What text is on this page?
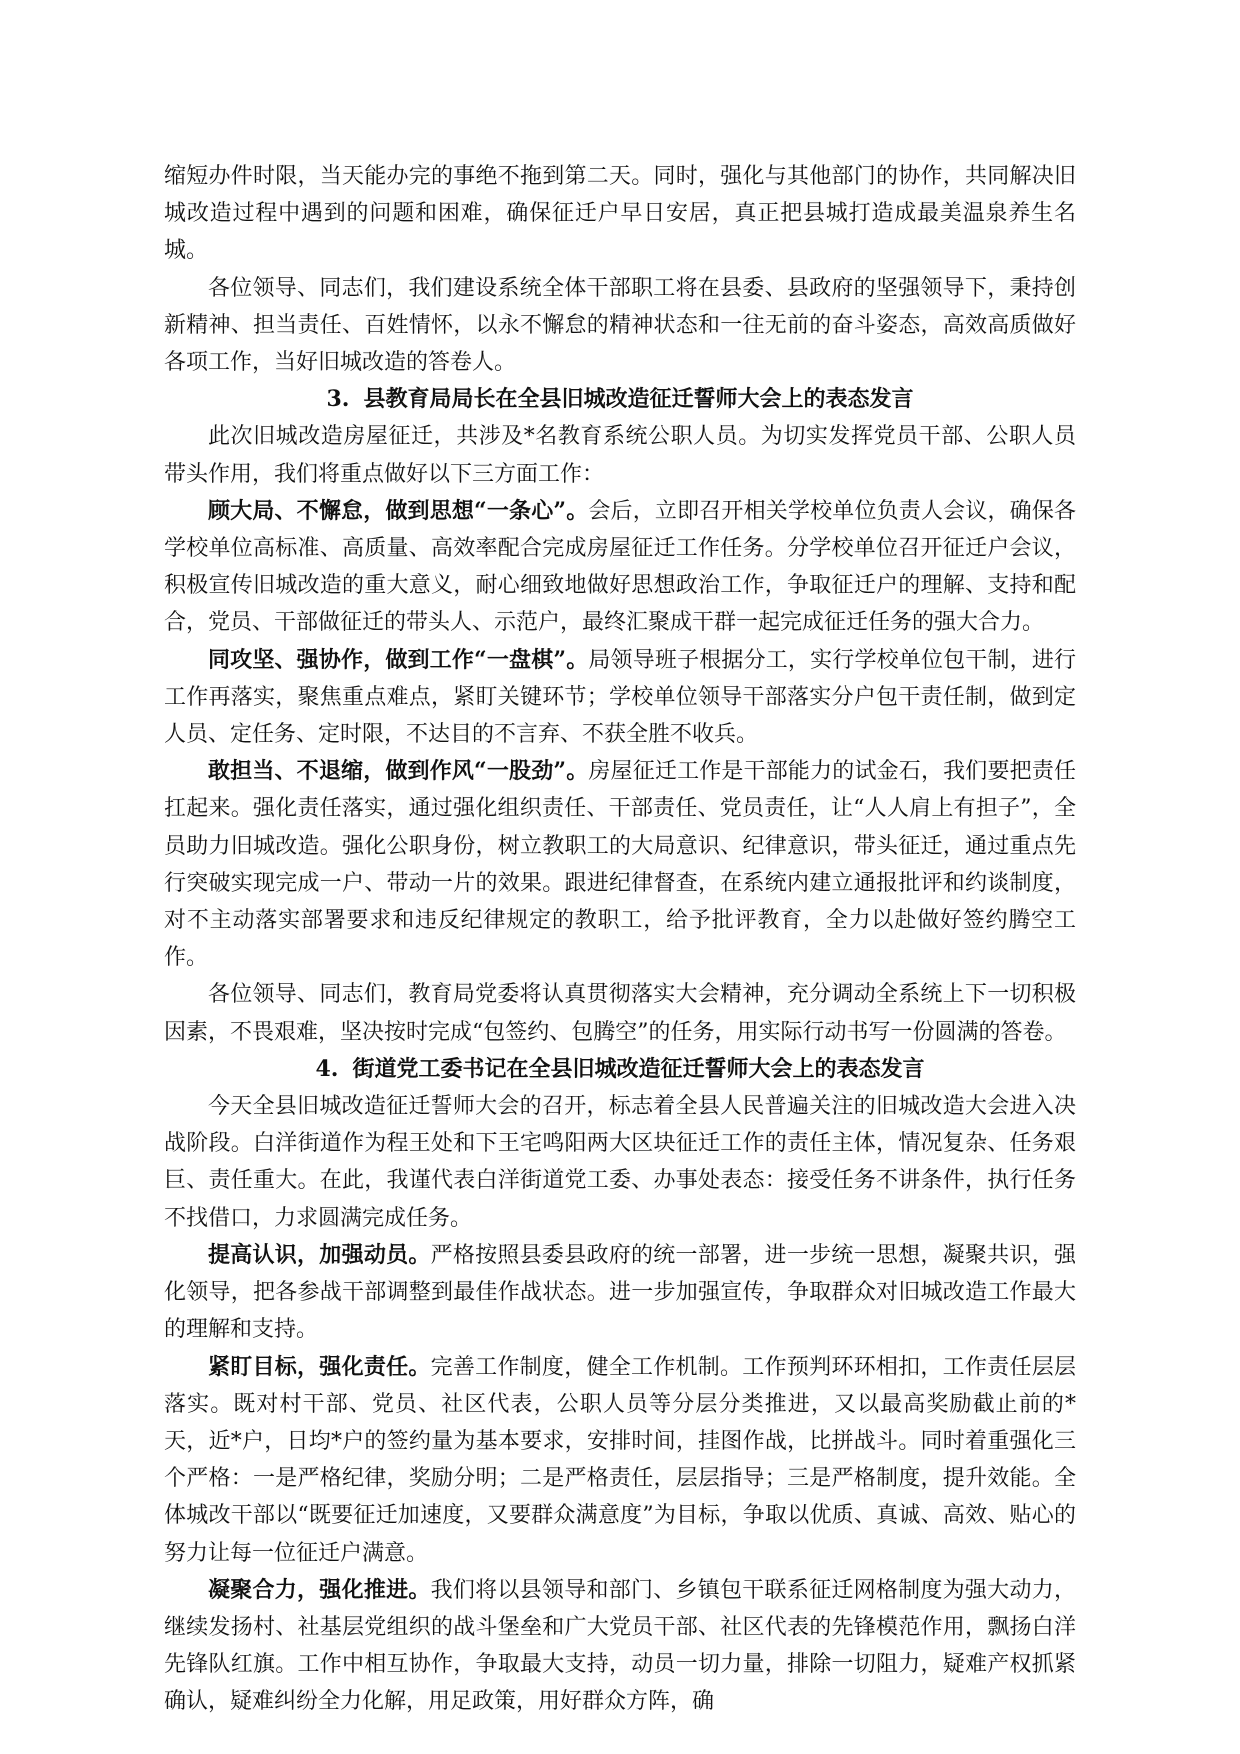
缩短办件时限，当天能办完的事绝不拖到第二天。同时，强化与其他部门的协作，共同解决旧城改造过程中遇到的问题和困难，确保征迁户早日安居，真正把县城打造成最美温泉养生名城。

各位领导、同志们，我们建设系统全体干部职工将在县委、县政府的坚强领导下，秉持创新精神、担当责任、百姓情怀，以永不懈怠的精神状态和一往无前的奋斗姿态，高效高质做好各项工作，当好旧城改造的答卷人。

3. 县教育局局长在全县旧城改造征迁誓师大会上的表态发言

此次旧城改造房屋征迁，共涉及*名教育系统公职人员。为切实发挥党员干部、公职人员带头作用，我们将重点做好以下三方面工作：

顾大局、不懈怠，做到思想“一条心”。会后，立即召开相关学校单位负责人会议，确保各学校单位高标准、高质量、高效率配合完成房屋征迁工作任务。分学校单位召开征迁户会议，积极宣传旧城改造的重大意义，耐心细致地做好思想政治工作，争取征迁户的理解、支持和配合，党员、干部做征迁的带头人、示范户，最终汇聚成干群一起完成征迁任务的强大合力。

同攻坚、强协作，做到工作“一盘棋”。局领导班子根据分工，实行学校单位包干制，进行工作再落实，聚焦重点难点，紧盯关键环节；学校单位领导干部落实分户包干责任制，做到定人员、定任务、定时限，不达目的不言弃、不获全胜不收兵。

敢担当、不退缩，做到作风“一股劲”。房屋征迁工作是干部能力的试金石，我们要把责任扛起来。强化责任落实，通过强化组织责任、干部责任、党员责任，让“人人肩上有担子”，全员助力旧城改造。强化公职身份，树立教职工的大局意识、纪律意识，带头征迁，通过重点先行突破实现完成一户、带动一片的效果。跟进纪律督查，在系统内建立通报批评和约谈制度，对不主动落实部署要求和违反纪律规定的教职工，给予批评教育，全力以赴做好签约腾空工作。

各位领导、同志们，教育局党委将认真贯彻落实大会精神，充分调动全系统上下一切积极因素，不畏艰难，坚决按时完成“包签约、包腾空”的任务，用实际行动书写一份圆满的答卷。

4. 街道党工委书记在全县旧城改造征迁誓师大会上的表态发言

今天全县旧城改造征迁誓师大会的召开，标志着全县人民普遍关注的旧城改造大会进入决战阶段。白洋街道作为程王处和下王宅鸣阳两大区块征迁工作的责任主体，情况复杂、任务艰巨、责任重大。在此，我谨代表白洋街道党工委、办事处表态：接受任务不讲条件，执行任务不找借口，力求圆满完成任务。

提高认识，加强动员。严格按照县委县政府的统一部署，进一步统一思想，凝聚共识，强化领导，把各参战干部调整到最佳作战状态。进一步加强宣传，争取群众对旧城改造工作最大的理解和支持。

紧盯目标，强化责任。完善工作制度，健全工作机制。工作预判环环相扣，工作责任层层落实。既对村干部、党员、社区代表，公职人员等分层分类推进，又以最高奖励截止前的*天，近*户，日均*户的签约量为基本要求，安排时间，挂图作战，比拼战斗。同时着重强化三个严格：一是严格纪律，奖励分明；二是严格责任，层层指导；三是严格制度，提升效能。全体城改干部以“既要征迁加速度，又要群众满意度”为目标，争取以优质、真诚、高效、贴心的努力让每一位征迁户满意。

凝聚合力，强化推进。我们将以县领导和部门、乡镇包干联系征迁网格制度为强大动力，继续发扬村、社基层党组织的战斗堡垒和广大党员干部、社区代表的先锋模范作用，飘扬白洋先锋队红旗。工作中相互协作，争取最大支持，动员一切力量，排除一切阻力，疑难产权抓紧确认，疑难纠纷全力化解，用足政策，用好群众方阵，确
